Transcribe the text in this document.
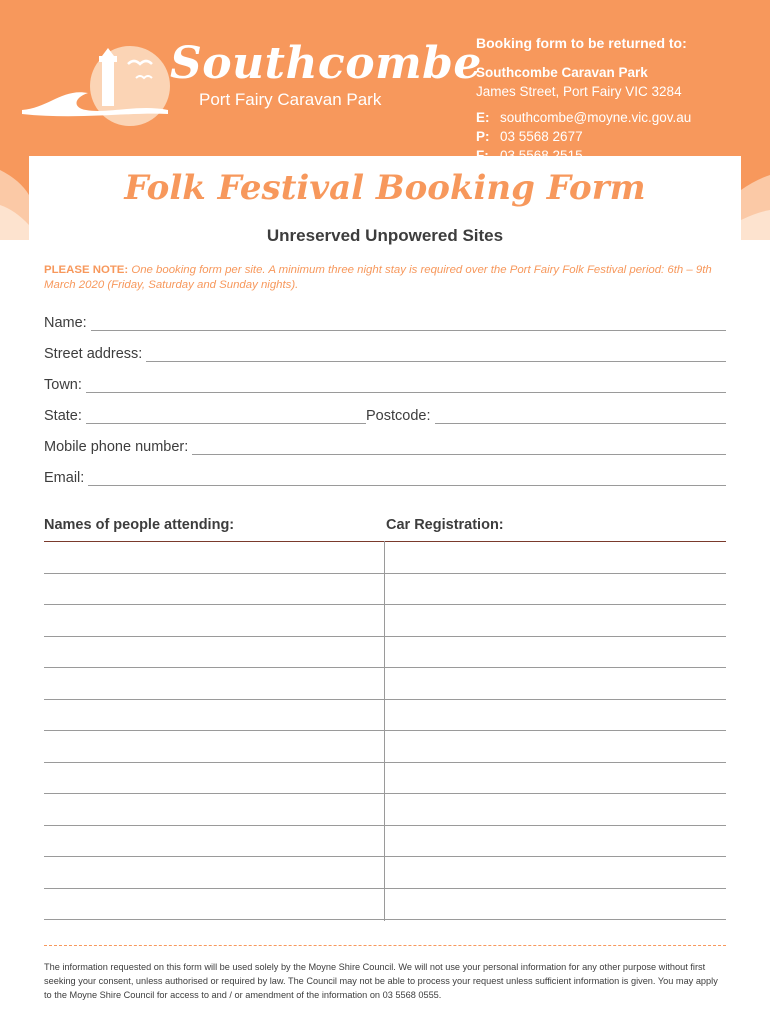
Southcombe
Port Fairy Caravan Park
Booking form to be returned to:
Southcombe Caravan Park
James Street, Port Fairy VIC 3284
E: southcombe@moyne.vic.gov.au
P: 03 5568 2677
F: 03 5568 2515
Folk Festival Booking Form
Unreserved Unpowered Sites
PLEASE NOTE: One booking form per site. A minimum three night stay is required over the Port Fairy Folk Festival period: 6th – 9th March 2020 (Friday, Saturday and Sunday nights).
Name:
Street address:
Town:
State:	Postcode:
Mobile phone number:
Email:
Names of people attending:	Car Registration:
The information requested on this form will be used solely by the Moyne Shire Council. We will not use your personal information for any other purpose without first seeking your consent, unless authorised or required by law. The Council may not be able to process your request unless sufficient information is given. You may apply to the Moyne Shire Council for access to and / or amendment of the information on 03 5568 0555.
